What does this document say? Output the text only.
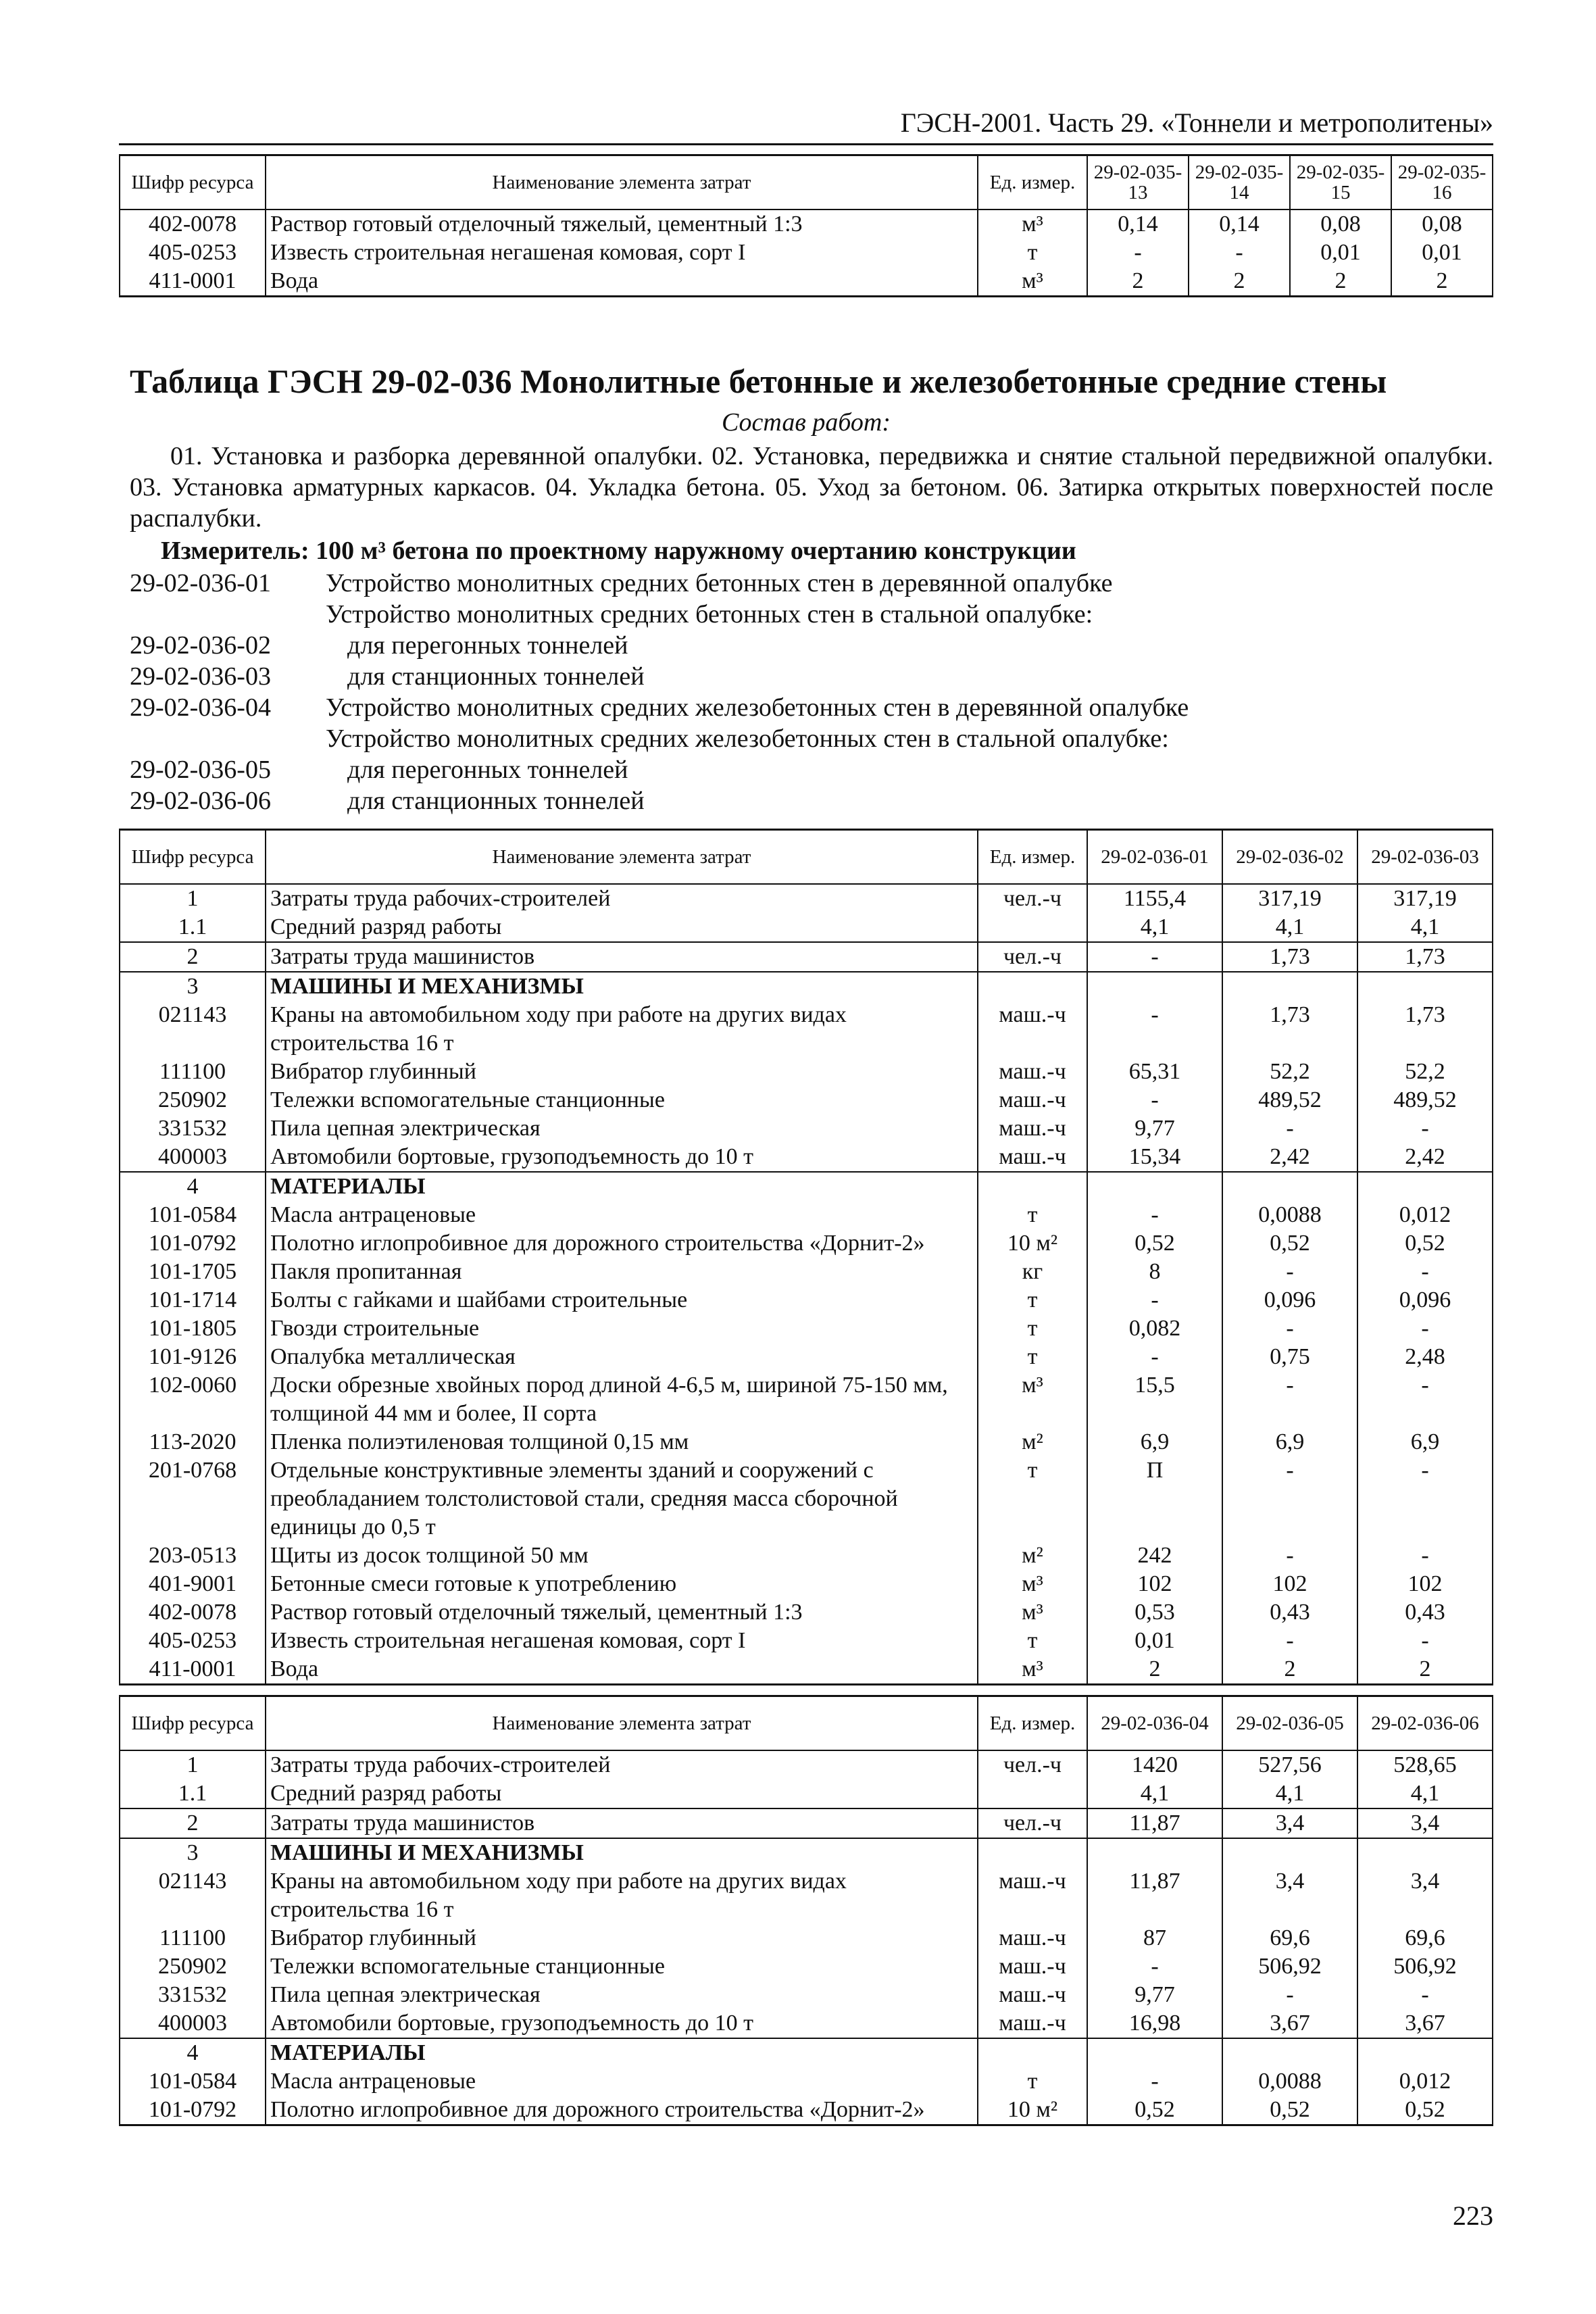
ГЭСН-2001. Часть 29. «Тоннели и метрополитены»
Шифр ресурса	Наименование элемента затрат	Ед. измер.	29-02-035-13	29-02-035-14	29-02-035-15	29-02-035-16
402-0078	Раствор готовый отделочный тяжелый, цементный 1:3	м³	0,14	0,14	0,08	0,08
405-0253	Известь строительная негашеная комовая, сорт I	т	-	-	0,01	0,01
411-0001	Вода	м³	2	2	2	2
Таблица ГЭСН 29-02-036 Монолитные бетонные и железобетонные средние стены
Состав работ:
01. Установка и разборка деревянной опалубки. 02. Установка, передвижка и снятие стальной передвижной опалубки. 03. Установка арматурных каркасов. 04. Укладка бетона. 05. Уход за бетоном. 06. Затирка открытых поверхностей после распалубки.
Измеритель: 100 м³ бетона по проектному наружному очертанию конструкции
29-02-036-01 Устройство монолитных средних бетонных стен в деревянной опалубке
Устройство монолитных средних бетонных стен в стальной опалубке:
29-02-036-02	для перегонных тоннелей
29-02-036-03	для станционных тоннелей
29-02-036-04 Устройство монолитных средних железобетонных стен в деревянной опалубке
Устройство монолитных средних железобетонных стен в стальной опалубке:
29-02-036-05	для перегонных тоннелей
29-02-036-06	для станционных тоннелей
Шифр ресурса	Наименование элемента затрат	Ед. измер.	29-02-036-01	29-02-036-02	29-02-036-03
1	Затраты труда рабочих-строителей	чел.-ч	1155,4	317,19	317,19
1.1	Средний разряд работы		4,1	4,1	4,1
2	Затраты труда машинистов	чел.-ч	-	1,73	1,73
3	МАШИНЫ И МЕХАНИЗМЫ				
021143	Краны на автомобильном ходу при работе на других видах строительства 16 т	маш.-ч	-	1,73	1,73
111100	Вибратор глубинный	маш.-ч	65,31	52,2	52,2
250902	Тележки вспомогательные станционные	маш.-ч	-	489,52	489,52
331532	Пила цепная электрическая	маш.-ч	9,77	-	-
400003	Автомобили бортовые, грузоподъемность до 10 т	маш.-ч	15,34	2,42	2,42
4	МАТЕРИАЛЫ				
101-0584	Масла антраценовые	т	-	0,0088	0,012
101-0792	Полотно иглопробивное для дорожного строительства «Дорнит-2»	10 м²	0,52	0,52	0,52
101-1705	Пакля пропитанная	кг	8	-	-
101-1714	Болты с гайками и шайбами строительные	т	-	0,096	0,096
101-1805	Гвозди строительные	т	0,082	-	-
101-9126	Опалубка металлическая	т	-	0,75	2,48
102-0060	Доски обрезные хвойных пород длиной 4-6,5 м, шириной 75-150 мм, толщиной 44 мм и более, II сорта	м³	15,5	-	-
113-2020	Пленка полиэтиленовая толщиной 0,15 мм	м²	6,9	6,9	6,9
201-0768	Отдельные конструктивные элементы зданий и сооружений с преобладанием толстолистовой стали, средняя масса сборочной единицы до 0,5 т	т	П	-	-
203-0513	Щиты из досок толщиной 50 мм	м²	242	-	-
401-9001	Бетонные смеси готовые к употреблению	м³	102	102	102
402-0078	Раствор готовый отделочный тяжелый, цементный 1:3	м³	0,53	0,43	0,43
405-0253	Известь строительная негашеная комовая, сорт I	т	0,01	-	-
411-0001	Вода	м³	2	2	2
Шифр ресурса	Наименование элемента затрат	Ед. измер.	29-02-036-04	29-02-036-05	29-02-036-06
1	Затраты труда рабочих-строителей	чел.-ч	1420	527,56	528,65
1.1	Средний разряд работы		4,1	4,1	4,1
2	Затраты труда машинистов	чел.-ч	11,87	3,4	3,4
3	МАШИНЫ И МЕХАНИЗМЫ				
021143	Краны на автомобильном ходу при работе на других видах строительства 16 т	маш.-ч	11,87	3,4	3,4
111100	Вибратор глубинный	маш.-ч	87	69,6	69,6
250902	Тележки вспомогательные станционные	маш.-ч	-	506,92	506,92
331532	Пила цепная электрическая	маш.-ч	9,77	-	-
400003	Автомобили бортовые, грузоподъемность до 10 т	маш.-ч	16,98	3,67	3,67
4	МАТЕРИАЛЫ				
101-0584	Масла антраценовые	т	-	0,0088	0,012
101-0792	Полотно иглопробивное для дорожного строительства «Дорнит-2»	10 м²	0,52	0,52	0,52
223
